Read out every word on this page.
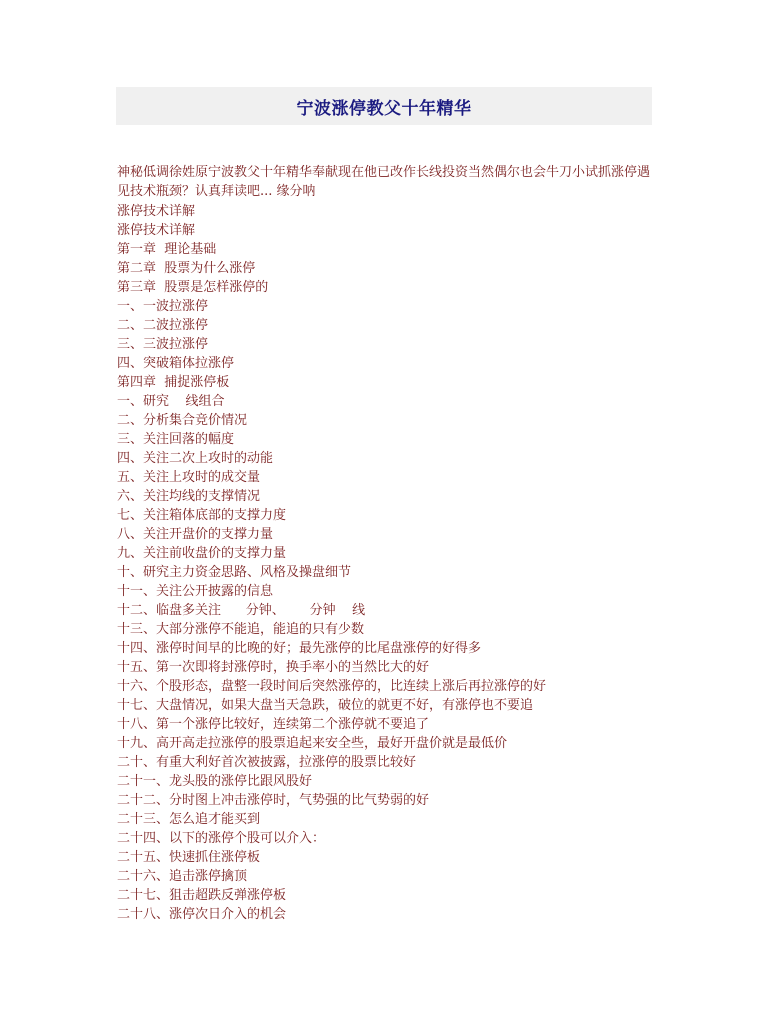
宁波涨停教父十年精华

神秘低调徐姓原宁波教父十年精华奉献现在他已改作长线投资当然偶尔也会牛刀小试抓涨停遇见技术瓶颈？认真拜读吧... 缘分呐

涨停技术详解
涨停技术详解
第一章  理论基础
第二章  股票为什么涨停
第三章  股票是怎样涨停的
一、一波拉涨停
二、二波拉涨停
三、三波拉涨停
四、突破箱体拉涨停
第四章  捕捉涨停板
一、研究    线组合
二、分析集合竞价情况
三、关注回落的幅度
四、关注二次上攻时的动能
五、关注上攻时的成交量
六、关注均线的支撑情况
七、关注箱体底部的支撑力度
八、关注开盘价的支撑力量
九、关注前收盘价的支撑力量
十、研究主力资金思路、风格及操盘细节
十一、关注公开披露的信息
十二、临盘多关注      分钟、      分钟    线
十三、大部分涨停不能追，能追的只有少数
十四、涨停时间早的比晚的好；最先涨停的比尾盘涨停的好得多
十五、第一次即将封涨停时，换手率小的当然比大的好
十六、个股形态，盘整一段时间后突然涨停的，比连续上涨后再拉涨停的好
十七、大盘情况，如果大盘当天急跌，破位的就更不好，有涨停也不要追
十八、第一个涨停比较好，连续第二个涨停就不要追了
十九、高开高走拉涨停的股票追起来安全些，最好开盘价就是最低价
二十、有重大利好首次被披露，拉涨停的股票比较好
二十一、龙头股的涨停比跟风股好
二十二、分时图上冲击涨停时，气势强的比气势弱的好
二十三、怎么追才能买到
二十四、以下的涨停个股可以介入：
二十五、快速抓住涨停板
二十六、追击涨停擒顶
二十七、狙击超跌反弹涨停板
二十八、涨停次日介入的机会
